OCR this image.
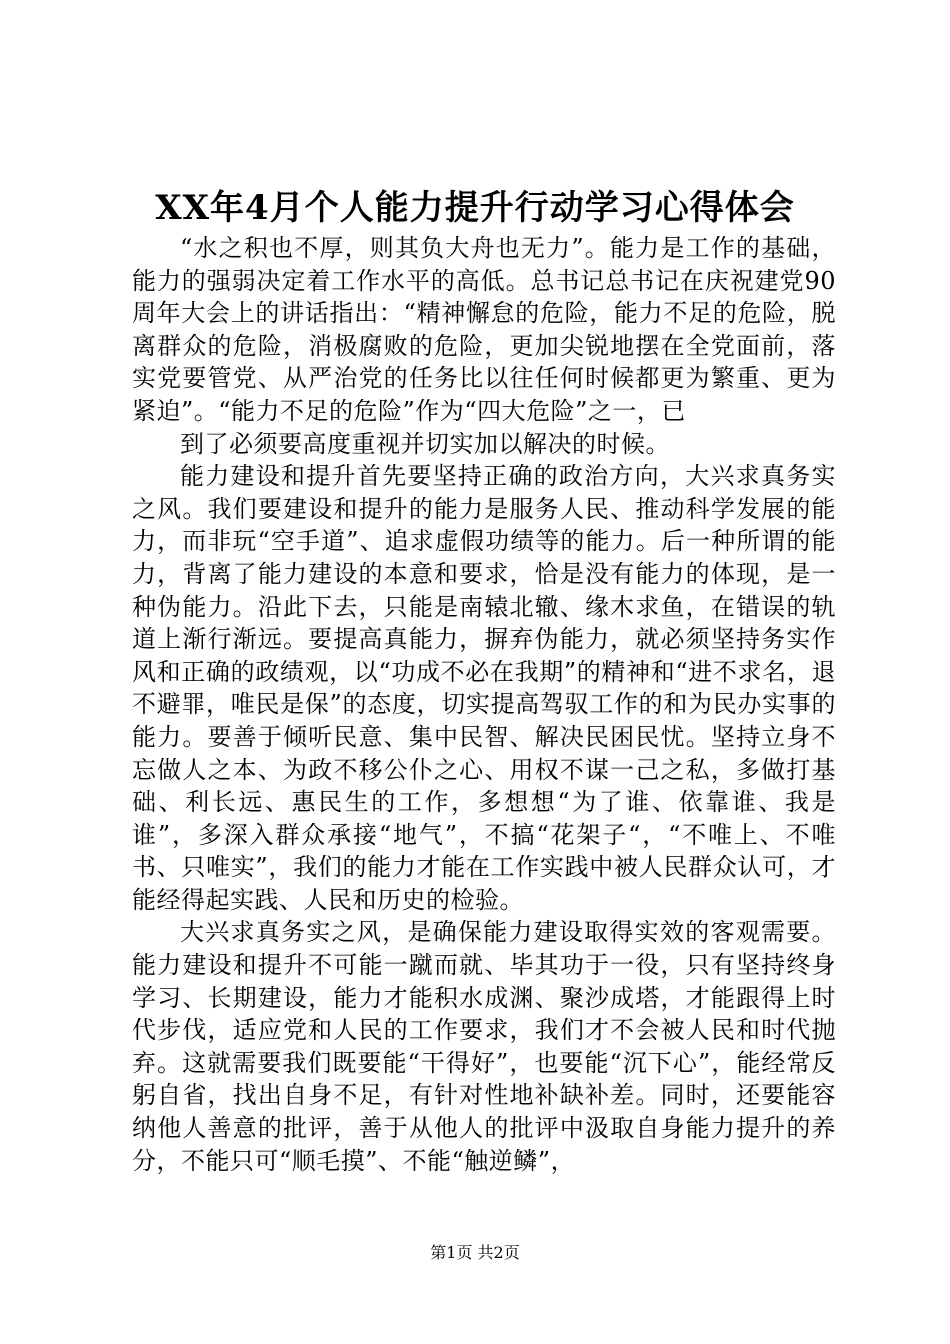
XX年4月个人能力提升行动学习心得体会

“水之积也不厚，则其负大舟也无力”。能力是工作的基础，能力的强弱决定着工作水平的高低。总书记总书记在庆祝建党90周年大会上的讲话指出：“精神懈怠的危险，能力不足的危险，脱离群众的危险，消极腐败的危险，更加尖锐地摆在全党面前，落实党要管党、从严治党的任务比以往任何时候都更为繁重、更为紧迫”。“能力不足的危险”作为“四大危险”之一，已

到了必须要高度重视并切实加以解决的时候。

能力建设和提升首先要坚持正确的政治方向，大兴求真务实之风。我们要建设和提升的能力是服务人民、推动科学发展的能力，而非玩“空手道”、追求虚假功绩等的能力。后一种所谓的能力，背离了能力建设的本意和要求，恰是没有能力的体现，是一种伪能力。沿此下去，只能是南辕北辙、缘木求鱼，在错误的轨道上渐行渐远。要提高真能力，摒弃伪能力，就必须坚持务实作风和正确的政绩观，以“功成不必在我期”的精神和“进不求名，退不避罪，唯民是保”的态度，切实提高驾驭工作的和为民办实事的能力。要善于倾听民意、集中民智、解决民困民忧。坚持立身不忘做人之本、为政不移公仆之心、用权不谋一己之私，多做打基础、利长远、惠民生的工作，多想想“为了谁、依靠谁、我是谁”，多深入群众承接“地气”，不搞“花架子“，“不唯上、不唯书、只唯实”，我们的能力才能在工作实践中被人民群众认可，才能经得起实践、人民和历史的检验。

大兴求真务实之风，是确保能力建设取得实效的客观需要。能力建设和提升不可能一蹴而就、毕其功于一役，只有坚持终身学习、长期建设，能力才能积水成渊、聚沙成塔，才能跟得上时代步伐，适应党和人民的工作要求，我们才不会被人民和时代抛弃。这就需要我们既要能“干得好”，也要能“沉下心”，能经常反躬自省，找出自身不足，有针对性地补缺补差。同时，还要能容纳他人善意的批评，善于从他人的批评中汲取自身能力提升的养分，不能只可“顺毛摸”、不能“触逆鳞”，

第1页 共2页
